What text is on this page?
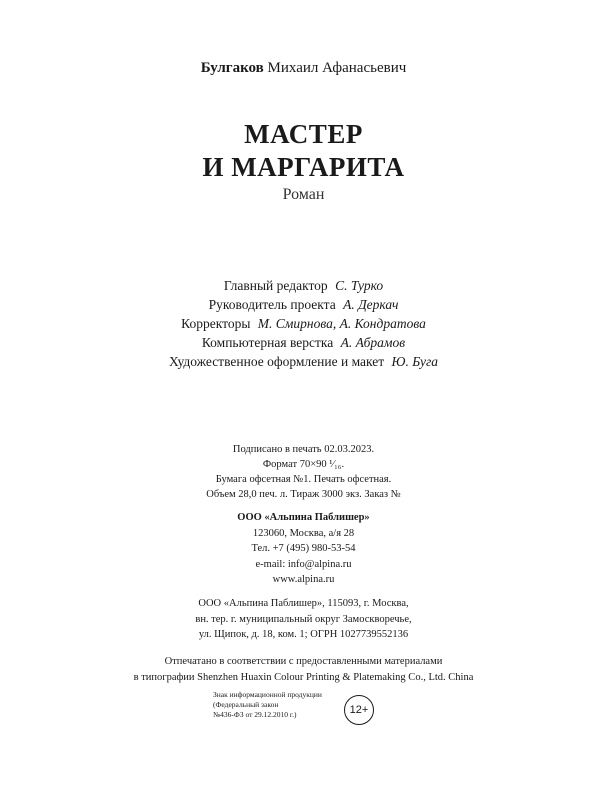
Булгаков Михаил Афанасьевич
МАСТЕР
И МАРГАРИТА
Роман
Главный редактор С. Турко
Руководитель проекта А. Деркач
Корректоры М. Смирнова, А. Кондратова
Компьютерная верстка А. Абрамов
Художественное оформление и макет Ю. Буга
Подписано в печать 02.03.2023.
Формат 70×90 ¹⁄₁₆.
Бумага офсетная №1. Печать офсетная.
Объем 28,0 печ. л. Тираж 3000 экз. Заказ №
ООО «Альпина Паблишер»
123060, Москва, а/я 28
Тел. +7 (495) 980-53-54
e-mail: info@alpina.ru
www.alpina.ru
ООО «Альпина Паблишер», 115093, г. Москва,
вн. тер. г. муниципальный округ Замоскворечье,
ул. Щипок, д. 18, ком. 1; ОГРН 1027739552136
Отпечатано в соответствии с предоставленными материалами
в типографии Shenzhen Huaxin Colour Printing & Platemaking Co., Ltd. China
Знак информационной продукции
(Федеральный закон
№436-ФЗ от 29.12.2010 г.)	12+
